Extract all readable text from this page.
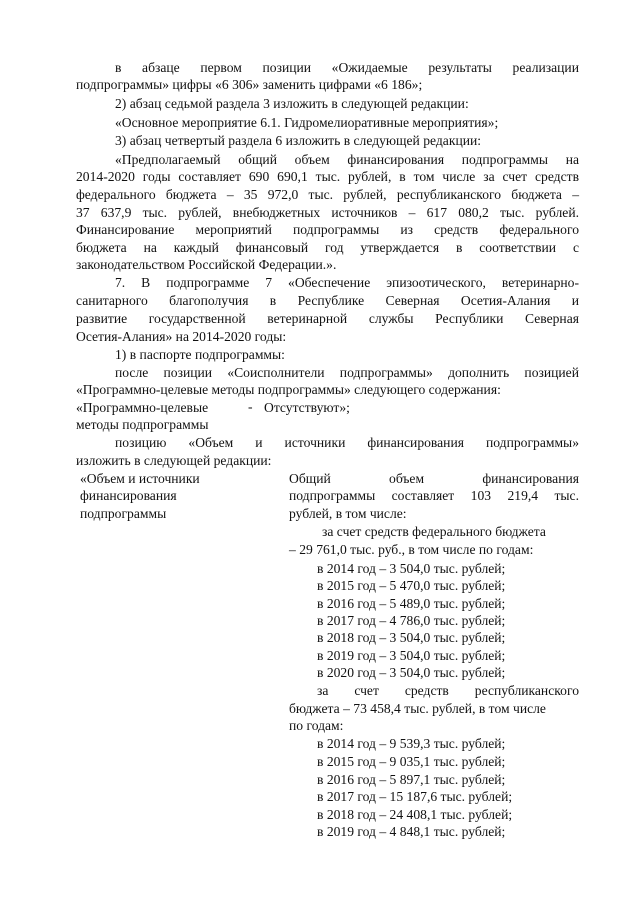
в абзаце первом позиции «Ожидаемые результаты реализации

подпрограммы» цифры «6 306» заменить цифрами «6 186»;

2) абзац седьмой раздела 3 изложить в следующей редакции:

«Основное мероприятие 6.1. Гидромелиоративные мероприятия»;

3) абзац четвертый раздела 6 изложить в следующей редакции:

«Предполагаемый общий объем финансирования подпрограммы на

2014-2020 годы составляет 690 690,1 тыс. рублей, в том числе за счет средств

федерального бюджета – 35 972,0 тыс. рублей, республиканского бюджета –

37 637,9 тыс. рублей, внебюджетных источников – 617 080,2 тыс. рублей.

Финансирование мероприятий подпрограммы из средств федерального

бюджета на каждый финансовый год утверждается в соответствии с

законодательством Российской Федерации.».

7. В подпрограмме 7 «Обеспечение эпизоотического, ветеринарно-

санитарного благополучия в Республике Северная Осетия-Алания и

развитие государственной ветеринарной службы Республики Северная

Осетия-Алания» на 2014-2020 годы:

1) в паспорте подпрограммы:

после позиции «Соисполнители подпрограммы» дополнить позицией

«Программно-целевые методы подпрограммы» следующего содержания:

«Программно-целевые	- Отсутствуют»;
методы подпрограммы

позицию «Объем и источники финансирования подпрограммы»

изложить в следующей редакции:

«Объем и источники
финансирования
подпрограммы

Общий объем финансирования

подпрограммы составляет 103 219,4 тыс.

рублей, в том числе:

за счет средств федерального бюджета
– 29 761,0 тыс. руб., в том числе по годам:
в 2014 год – 3 504,0 тыс. рублей;
в 2015 год – 5 470,0 тыс. рублей;
в 2016 год – 5 489,0 тыс. рублей;
в 2017 год – 4 786,0 тыс. рублей;
в 2018 год – 3 504,0 тыс. рублей;
в 2019 год – 3 504,0 тыс. рублей;
в 2020 год – 3 504,0 тыс. рублей;

за счет средств республиканского

бюджета – 73 458,4 тыс. рублей, в том числе
по годам:
в 2014 год – 9 539,3 тыс. рублей;
в 2015 год – 9 035,1 тыс. рублей;
в 2016 год – 5 897,1 тыс. рублей;
в 2017 год – 15 187,6 тыс. рублей;
в 2018 год – 24 408,1 тыс. рублей;
в 2019 год – 4 848,1 тыс. рублей;
